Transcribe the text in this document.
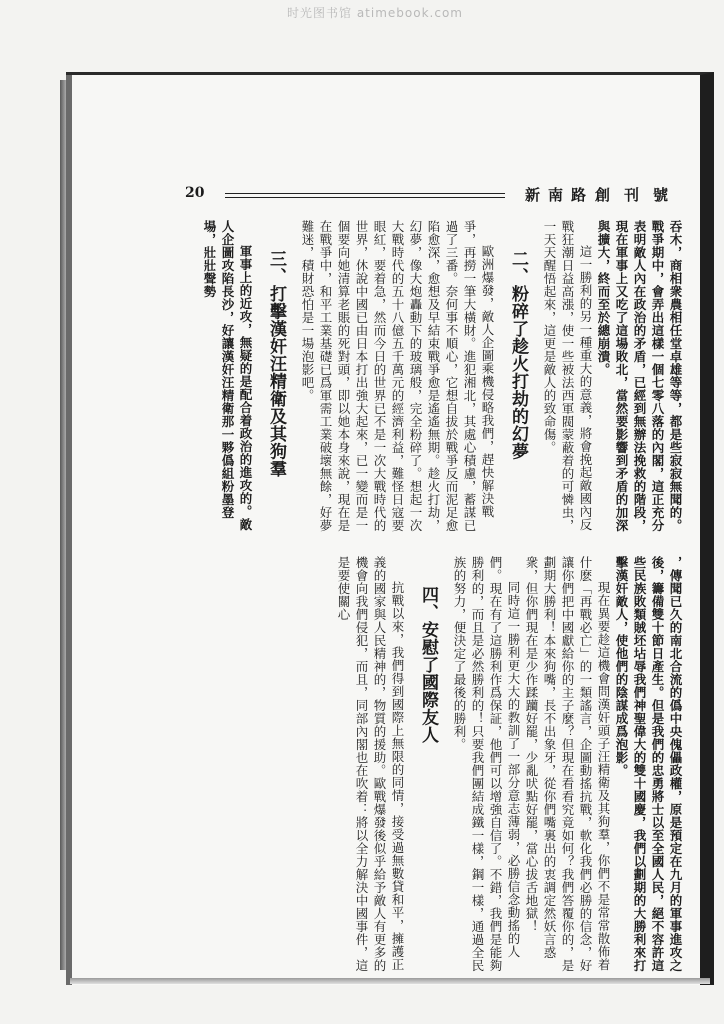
时光图书馆 atimebook.com
20	新南路 創刊號

吞木，商相衆農相任堂卓雄等等，都是些寂寂無聞的。戰爭期中，會弄出這樣一個七零八落的內閣，這正充分表明敵人內在政治的矛盾，已經到無辦法挽救的階段，現在軍事上又吃了這場敗北，當然要影響到矛盾的加深與擴大，終而至於總崩潰。

這一勝利的另一種重大的意義，將會挽起敵國內反戰狂潮日益高漲，使一些被法西軍閥蒙蔽着的可憐虫，一天天醒悟起來，這更是敵人的致命傷。

二、粉碎了趁火打劫的幻夢

歐洲爆發，敵人企圖乘機侵略我們，趕快解決戰爭，再撈一筆大橫財。進犯湘北，其處心積慮，蓄謀已過了三番。奈何事不順心，它想自拔於戰爭反而泥足愈陷愈深，愈想及早結束戰爭愈是遙遙無期。趁火打劫，幻夢，像大炮轟動下的玻璃般，完全粉碎了。想起一次大戰時代的五十八億五千萬元的經濟利益，難怪日寇要眼紅，要着急，然而今日的世界已不是一次大戰時代的世界，休說中國已由日本打出強大起來，已一變而是一個要向她清算老賬的死對頭，即以她本身來說，現在是在戰爭中，和平工業基礎已爲軍需工業破壞無餘，好夢難迷，積財恐怕是一場泡影吧。

三、打擊漢奸汪精衛及其狗羣

軍事上的近攻，無疑的是配合着政治的進攻的。敵人企圖攻陷長沙，好讓漢奸汪精衛那一夥僞組粉墨登場，壯壯聲勢

，傳聞已久的南北合流的僞中央傀儡政權，原是預定在九月的軍事進攻之後，籌備雙十節日產生。但是我們的忠勇將士以至全國人民，絕不容許這些民族敗類賊坯坫辱我們神聖偉大的雙十國慶，我們以劃期的大勝利來打擊漢奸敵人，使他們的陰謀成爲泡影。

現在異要趁這機會問漢奸頭子汪精衛及其狗羣，你們不是常常散佈着什麽「再戰必亡」的一類謠言，企圖動搖抗戰，軟化我們必勝的信念，好讓你們把中國獻給你的主子麼？但現在看看究竟如何？我們答覆你的，是劃期大勝利！本來狗嘴，長不出象牙，從你們嘴裏出的衷調定然妖言惑衆，但你們現在是少作蹂躪好罷，少亂吠點好罷，當心拔舌地獄！

同時這一勝利更大大的教訓了一部分意志薄弱，必勝信念動搖的人們。現在有了這勝利作爲保証，他們可以增強自信了。不錯，我們是能夠勝利的，而且是必然勝利的！只要我們團結成鐵一樣，鋼一樣，通過全民族的努力，便決定了最後的勝利。

四、安慰了國際友人

抗戰以來，我們得到國際上無限的同情，接受過無數貸和平，擁護正義的國家與人民精神的，物質的援助。歐戰爆發後似乎給予敵人有更多的機會向我們侵犯，而且，同部內閣也在吹着：將以全力解決中國事件，這是要使關心
